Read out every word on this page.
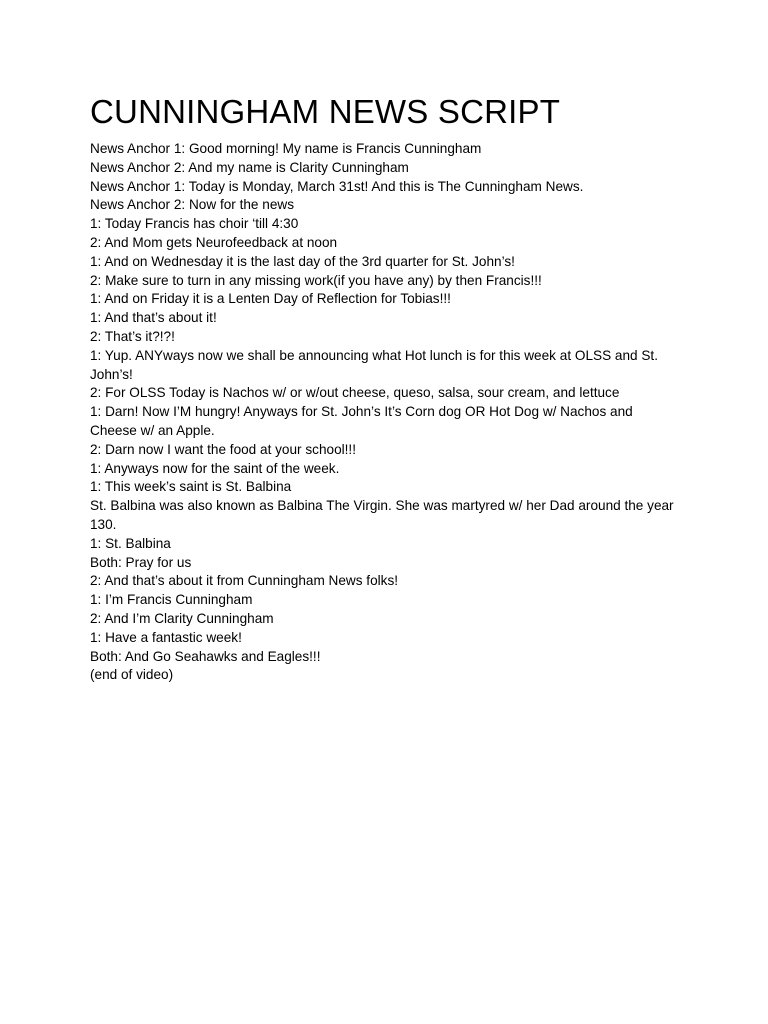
CUNNINGHAM NEWS SCRIPT

News Anchor 1: Good morning! My name is Francis Cunningham

News Anchor 2: And my name is Clarity Cunningham

News Anchor 1: Today is Monday, March 31st! And this is The Cunningham News.

News Anchor 2: Now for the news

1: Today Francis has choir ‘till 4:30

2: And Mom gets Neurofeedback at noon

1: And on Wednesday it is the last day of the 3rd quarter for St. John’s!

2: Make sure to turn in any missing work(if you have any) by then Francis!!!

1: And on Friday it is a Lenten Day of Reflection for Tobias!!!

1: And that’s about it!

2: That’s it?!?!

1: Yup. ANYways now we shall be announcing what Hot lunch is for this week at OLSS and St. John’s!

2: For OLSS Today is Nachos w/ or w/out cheese, queso, salsa, sour cream, and lettuce

1: Darn! Now I’M hungry! Anyways for St. John’s It’s Corn dog OR Hot Dog w/ Nachos and Cheese w/ an Apple.

2: Darn now I want the food at your school!!!

1: Anyways now for the saint of the week.

1: This week’s saint is St. Balbina

St. Balbina was also known as Balbina The Virgin. She was martyred w/ her Dad around the year 130.

1: St. Balbina

Both: Pray for us

2: And that’s about it from Cunningham News folks!

1: I’m Francis Cunningham

2: And I’m Clarity Cunningham

1: Have a fantastic week!

Both: And Go Seahawks and Eagles!!!

(end of video)
